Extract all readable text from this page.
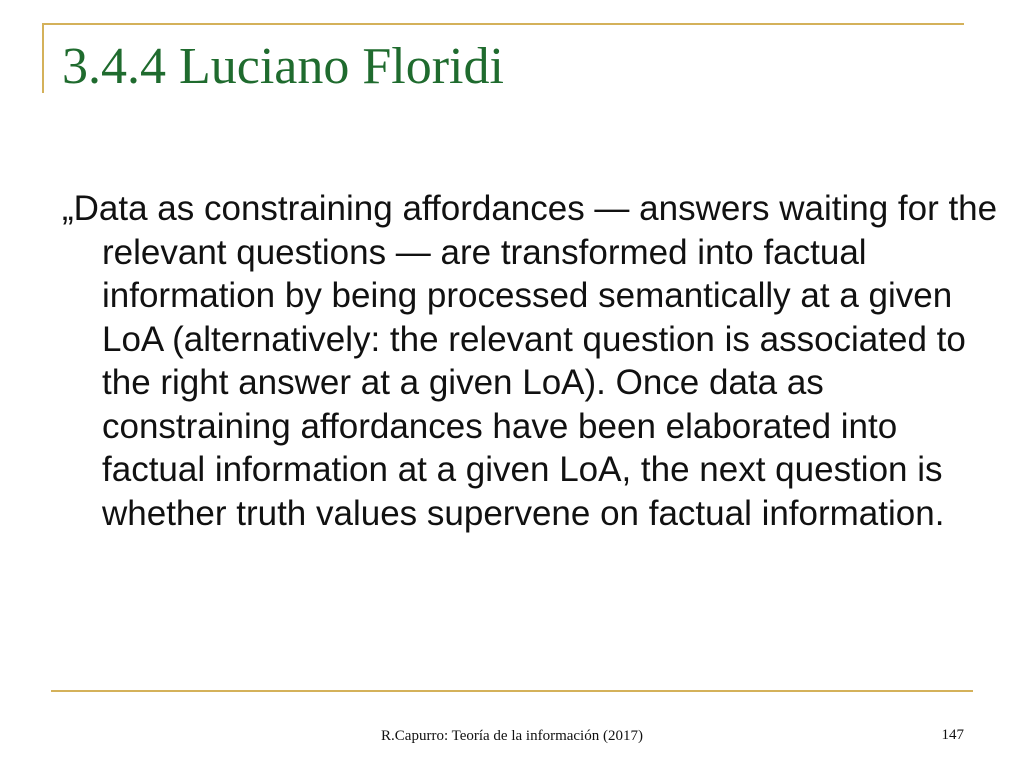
3.4.4 Luciano Floridi

„Data as constraining affordances — answers waiting for the relevant questions — are transformed into factual information by being processed semantically at a given LoA (alternatively: the relevant question is associated to the right answer at a given LoA). Once data as constraining affordances have been elaborated into factual information at a given LoA, the next question is whether truth values supervene on factual information.

R.Capurro: Teoría de la información (2017)	147
